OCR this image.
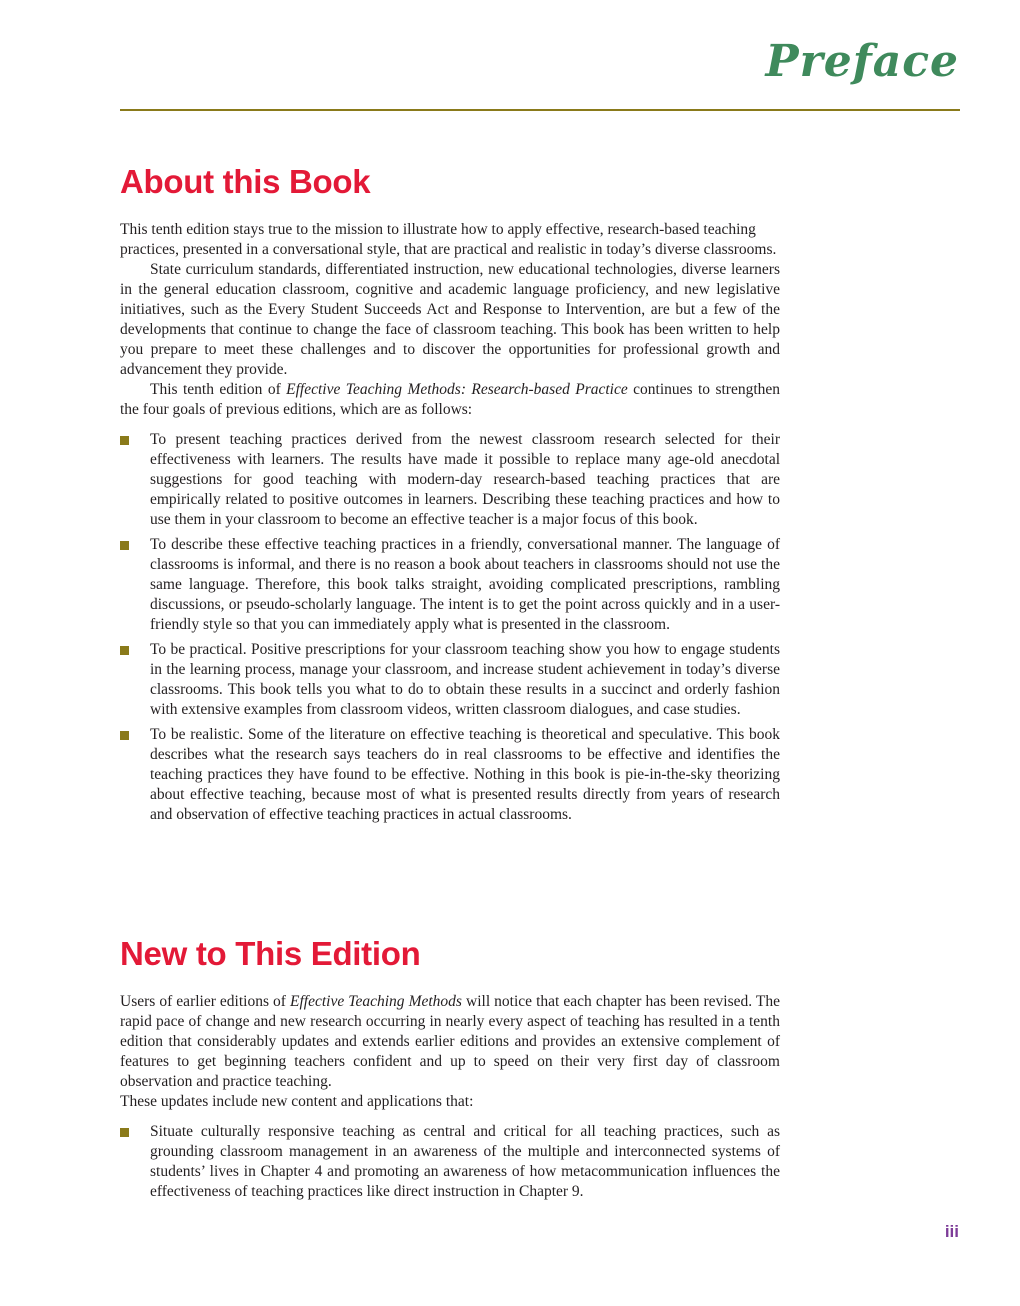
Preface
About this Book

This tenth edition stays true to the mission to illustrate how to apply effective, research-based teaching practices, presented in a conversational style, that are practical and realistic in today’s diverse classrooms.

State curriculum standards, differentiated instruction, new educational technologies, diverse learners in the general education classroom, cognitive and academic language proficiency, and new legislative initiatives, such as the Every Student Succeeds Act and Response to Intervention, are but a few of the developments that continue to change the face of classroom teaching. This book has been written to help you prepare to meet these challenges and to discover the opportunities for professional growth and advancement they provide.

This tenth edition of Effective Teaching Methods: Research-based Practice continues to strengthen the four goals of previous editions, which are as follows:

To present teaching practices derived from the newest classroom research selected for their effectiveness with learners. The results have made it possible to replace many age-old anecdotal suggestions for good teaching with modern-day research-based teaching practices that are empirically related to positive outcomes in learners. Describing these teaching practices and how to use them in your classroom to become an effective teacher is a major focus of this book.
To describe these effective teaching practices in a friendly, conversational manner. The language of classrooms is informal, and there is no reason a book about teachers in classrooms should not use the same language. Therefore, this book talks straight, avoiding complicated prescriptions, rambling discussions, or pseudo-scholarly language. The intent is to get the point across quickly and in a user-friendly style so that you can immediately apply what is presented in the classroom.
To be practical. Positive prescriptions for your classroom teaching show you how to engage students in the learning process, manage your classroom, and increase student achievement in today’s diverse classrooms. This book tells you what to do to obtain these results in a succinct and orderly fashion with extensive examples from classroom videos, written classroom dialogues, and case studies.
To be realistic. Some of the literature on effective teaching is theoretical and speculative. This book describes what the research says teachers do in real classrooms to be effective and identifies the teaching practices they have found to be effective. Nothing in this book is pie-in-the-sky theorizing about effective teaching, because most of what is presented results directly from years of research and observation of effective teaching practices in actual classrooms.
New to This Edition

Users of earlier editions of Effective Teaching Methods will notice that each chapter has been revised. The rapid pace of change and new research occurring in nearly every aspect of teaching has resulted in a tenth edition that considerably updates and extends earlier editions and provides an extensive complement of features to get beginning teachers confident and up to speed on their very first day of classroom observation and practice teaching.

These updates include new content and applications that:

Situate culturally responsive teaching as central and critical for all teaching practices, such as grounding classroom management in an awareness of the multiple and interconnected systems of students’ lives in Chapter 4 and promoting an awareness of how metacommunication influences the effectiveness of teaching practices like direct instruction in Chapter 9.

iii
